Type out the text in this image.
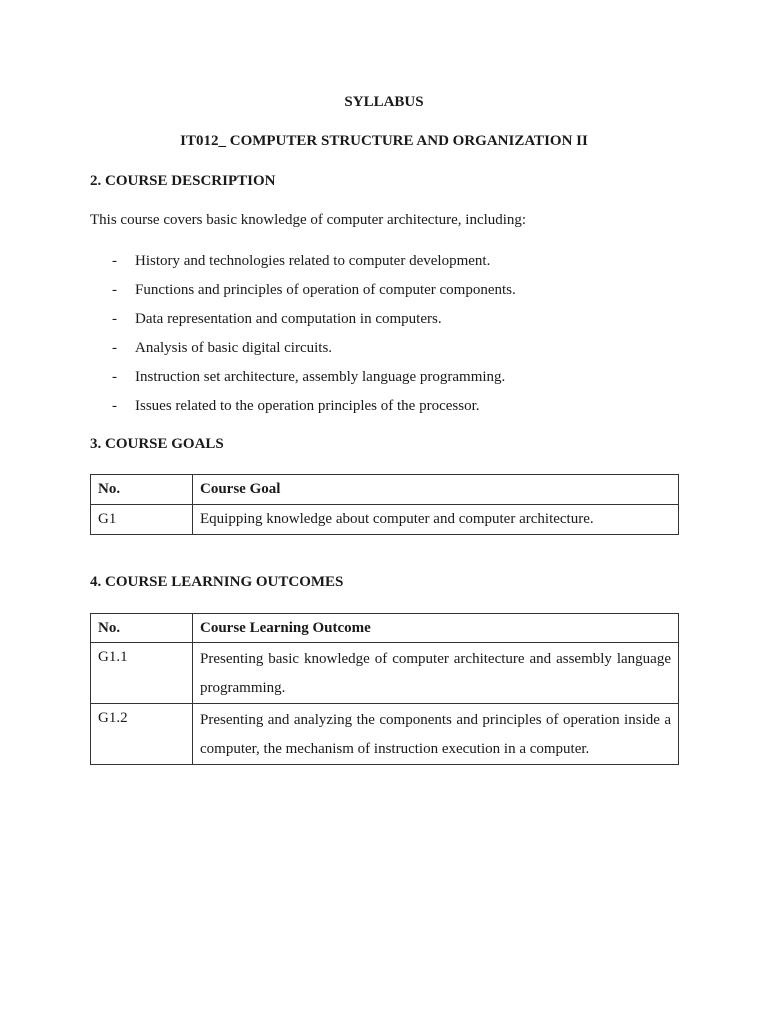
SYLLABUS
IT012_ COMPUTER STRUCTURE AND ORGANIZATION II
2. COURSE DESCRIPTION
This course covers basic knowledge of computer architecture, including:
- History and technologies related to computer development.
- Functions and principles of operation of computer components.
- Data representation and computation in computers.
- Analysis of basic digital circuits.
- Instruction set architecture, assembly language programming.
- Issues related to the operation principles of the processor.
3. COURSE GOALS
No.	Course Goal
G1	Equipping knowledge about computer and computer architecture.
4. COURSE LEARNING OUTCOMES
No.	Course Learning Outcome
G1.1	Presenting basic knowledge of computer architecture and assembly language programming.
G1.2	Presenting and analyzing the components and principles of operation inside a computer, the mechanism of instruction execution in a computer.
